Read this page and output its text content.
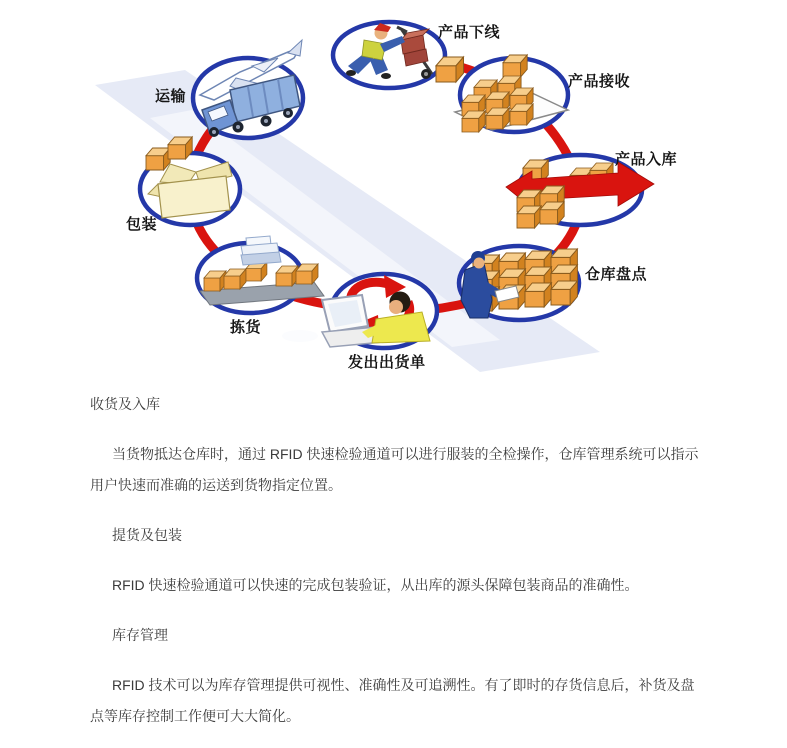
运输
产品下线
产品接收
产品入库
仓库盘点
发出出货单
拣货
包装

收货及入库

当货物抵达仓库时，通过 RFID 快速检验通道可以进行服装的全检操作，仓库管理系统可以指示用户快速而准确的运送到货物指定位置。

提货及包装

RFID 快速检验通道可以快速的完成包装验证，从出库的源头保障包装商品的准确性。

库存管理

RFID 技术可以为库存管理提供可视性、准确性及可追溯性。有了即时的存货信息后，补货及盘点等库存控制工作便可大大简化。
